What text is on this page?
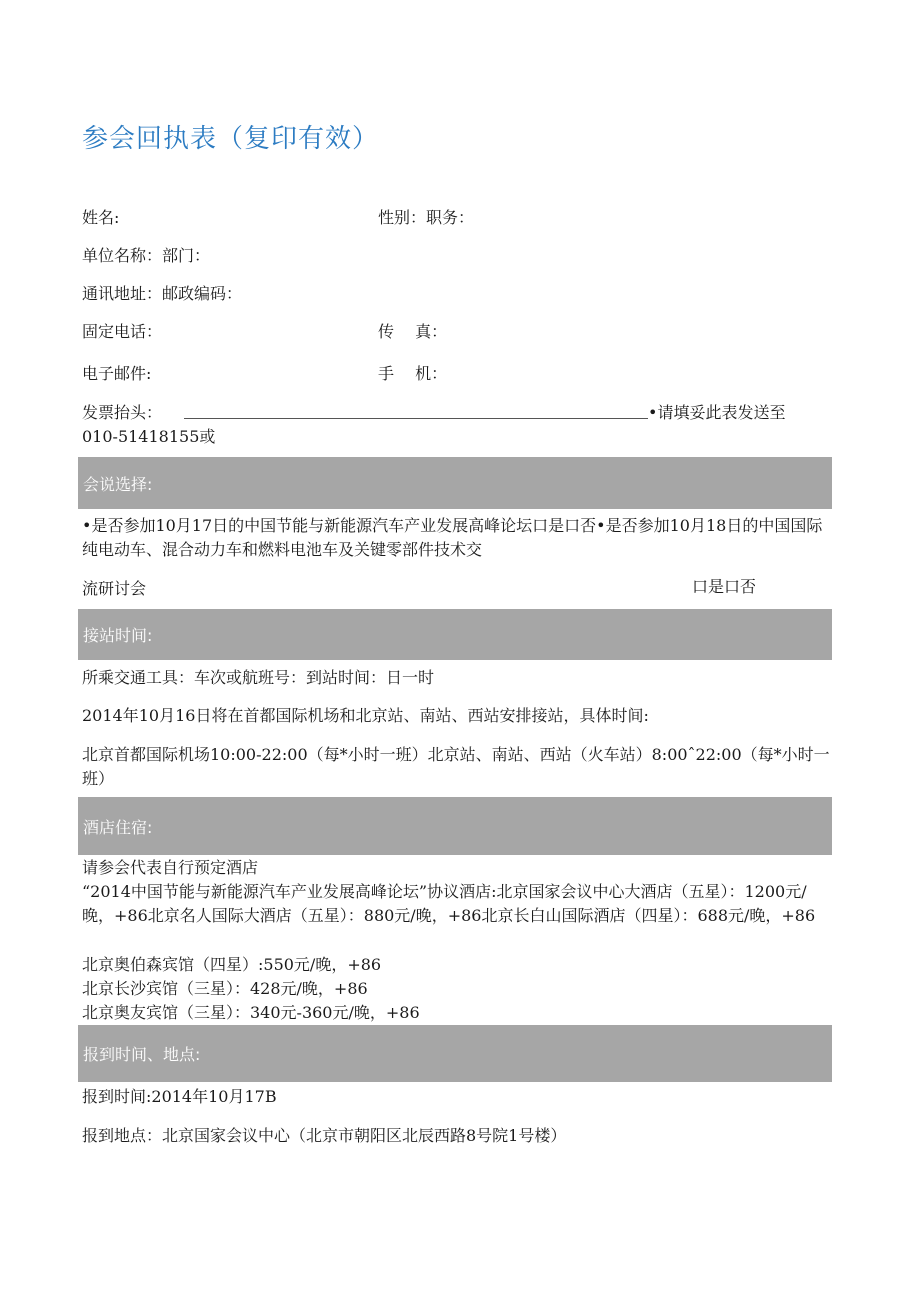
参会回执表（复印有效）
姓名:	性别：职务：
单位名称：部门：
通讯地址：邮政编码：
固定电话：	传　 真：
电子邮件:	手　 机：
发票抬头：	•请填妥此表发送至
010-51418155或
会说选择:
•是否参加10月17日的中国节能与新能源汽车产业发展高峰论坛口是口否•是否参加10月18日的中国国际纯电动车、混合动力车和燃料电池车及关键零部件技术交
流研讨会	口是口否
接站时间:
所乘交通工具：车次或航班号：到站时间：日一时
2014年10月16日将在首都国际机场和北京站、南站、西站安排接站，具体时间:
北京首都国际机场10:00-22:00（每*小时一班）北京站、南站、西站（火车站）8:00ˆ22:00（每*小时一班）
酒店住宿:
请参会代表自行预定酒店
“2014中国节能与新能源汽车产业发展高峰论坛”协议酒店:北京国家会议中心大酒店（五星）：1200元/晚，+86北京名人国际大酒店（五星）：880元/晚，+86北京长白山国际酒店（四星）：688元/晚，+86
北京奥伯森宾馆（四星）:550元/晚，+86
北京长沙宾馆（三星）：428元/晚，+86
北京奥友宾馆（三星）：340元-360元/晚，+86
报到时间、地点:
报到时间:2014年10月17B
报到地点：北京国家会议中心（北京市朝阳区北辰西路8号院1号楼）
